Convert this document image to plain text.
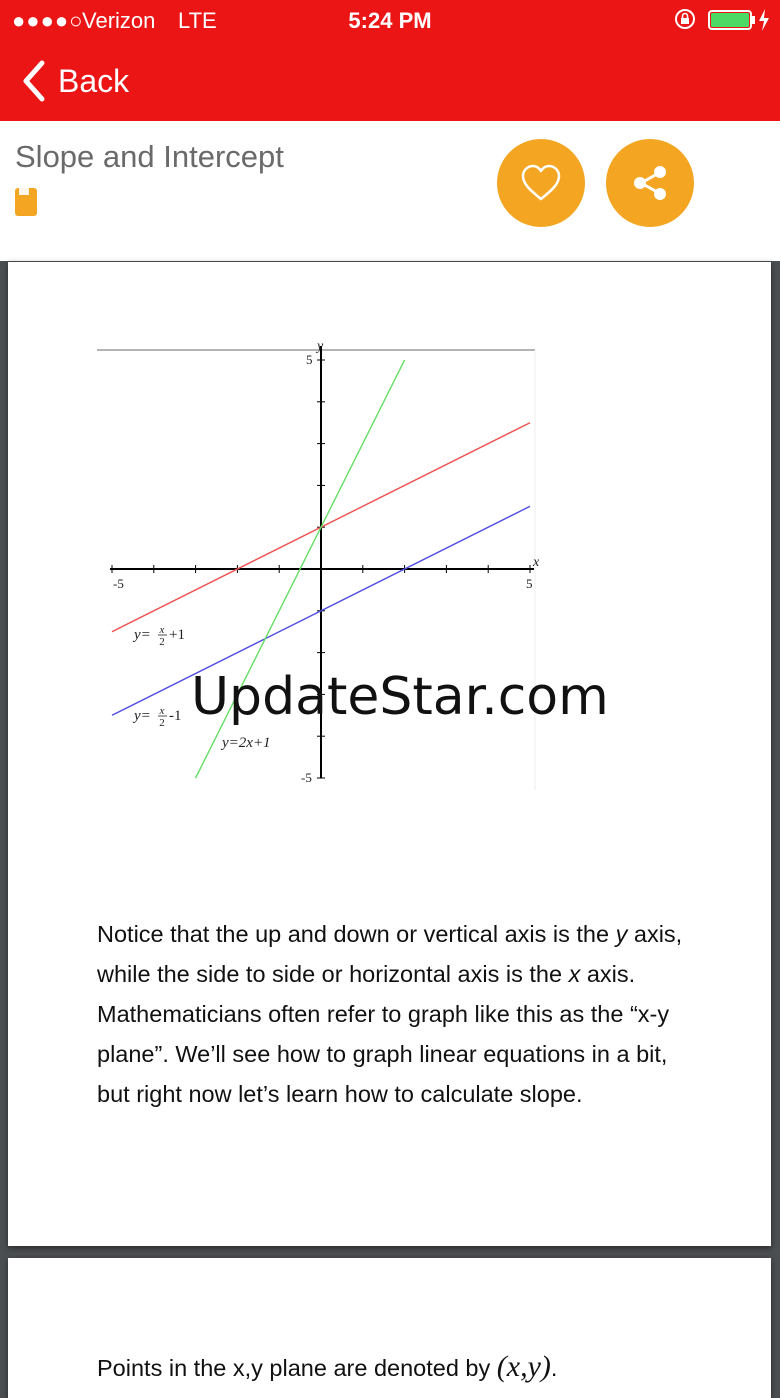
●●●●○
Verizon LTE	5:24 PM
Back
Slope and Intercept
-5	5
5
-5
x
y
y= x
2 +1
y= x
2 -1
y=2x+1
UpdateStar.com
Notice that the up and down or vertical axis is the y axis, while the side to side or horizontal axis is the x axis. Mathematicians often refer to graph like this as the “x-y plane”. We’ll see how to graph linear equations in a bit, but right now let’s learn how to calculate slope.
Points in the x,y plane are denoted by (x,y).
